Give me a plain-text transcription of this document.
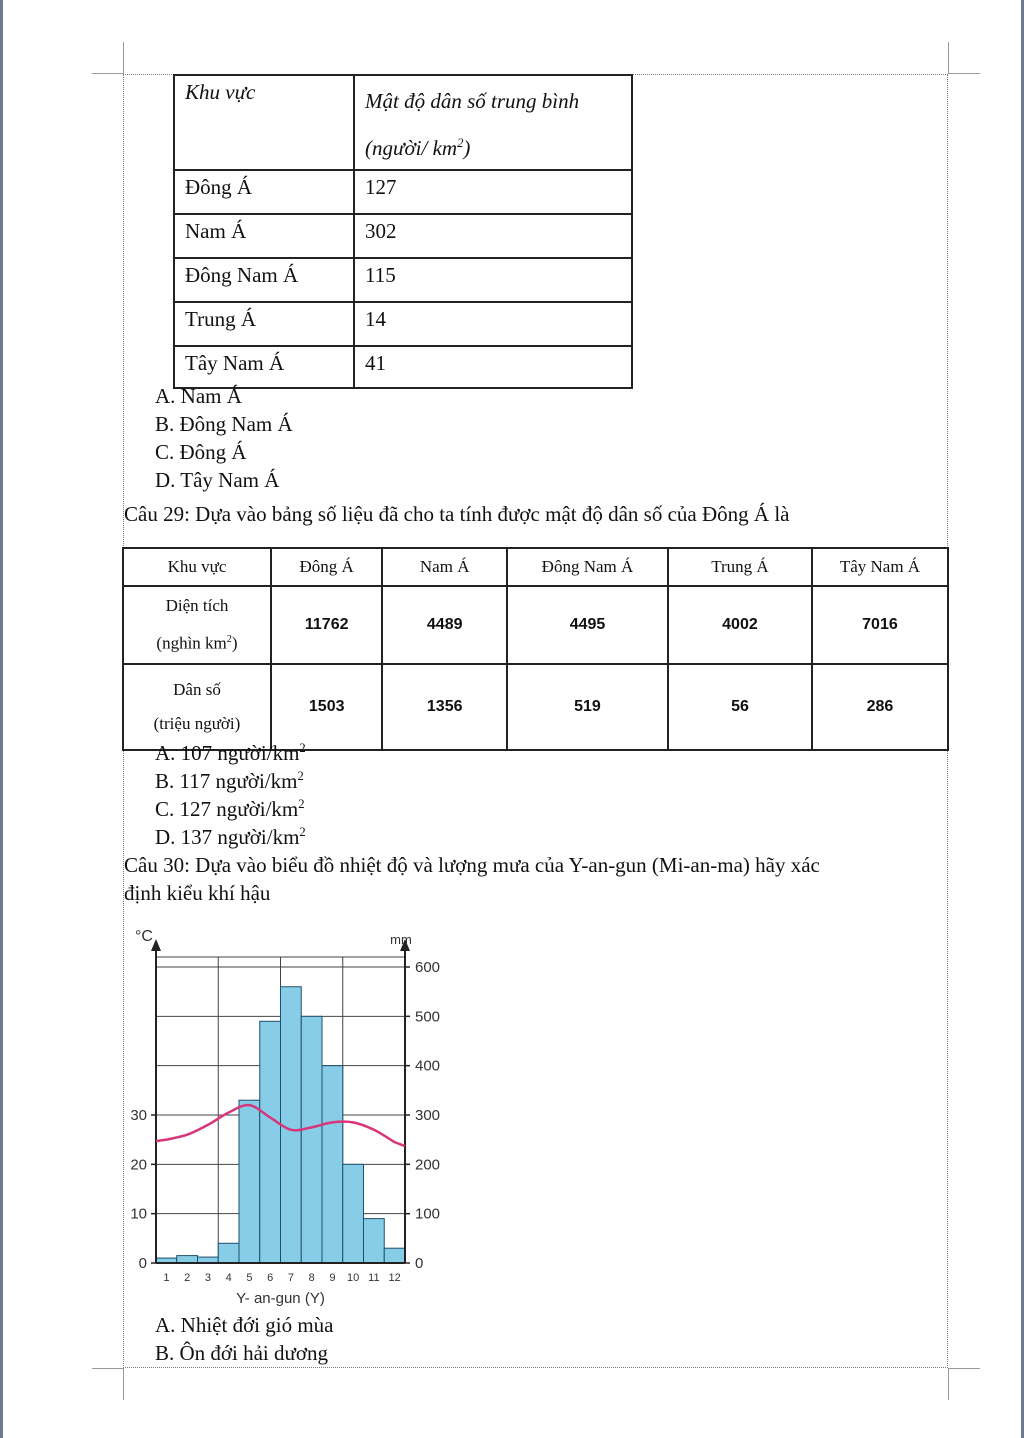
Khu vực	Mật độ dân số trung bình
(người/ $km^2$)
Đông Á	127
Nam Á	302
Đông Nam Á	115
Trung Á	14
Tây Nam Á	41
A. Nam Á
B. Đông Nam Á
C. Đông Á
D. Tây Nam Á
Câu 29: Dựa vào bảng số liệu đã cho ta tính được mật độ dân số của Đông Á là
Khu vực	Đông Á	Nam Á	Đông Nam Á	Trung Á	Tây Nam Á
Diện tích
(nghìn $km^2$)	11762	4489	4495	4002	7016
Dân số
(triệu người)	1503	1356	519	56	286
A. 107 người/$km^2$
B. 117 người/$km^2$
C. 127 người/$km^2$
D. 137 người/$km^2$
Câu 30: Dựa vào biểu đồ nhiệt độ và lượng mưa của Y-an-gun (Mi-an-ma) hãy xác
định kiểu khí hậu
0
10
20
30
0
100
200
300
400
500
600
1 2 3 4 5 6 7 8 9 10 11 12
Y- an-gun (Y)
°C	mm
A. Nhiệt đới gió mùa
B. Ôn đới hải dương
